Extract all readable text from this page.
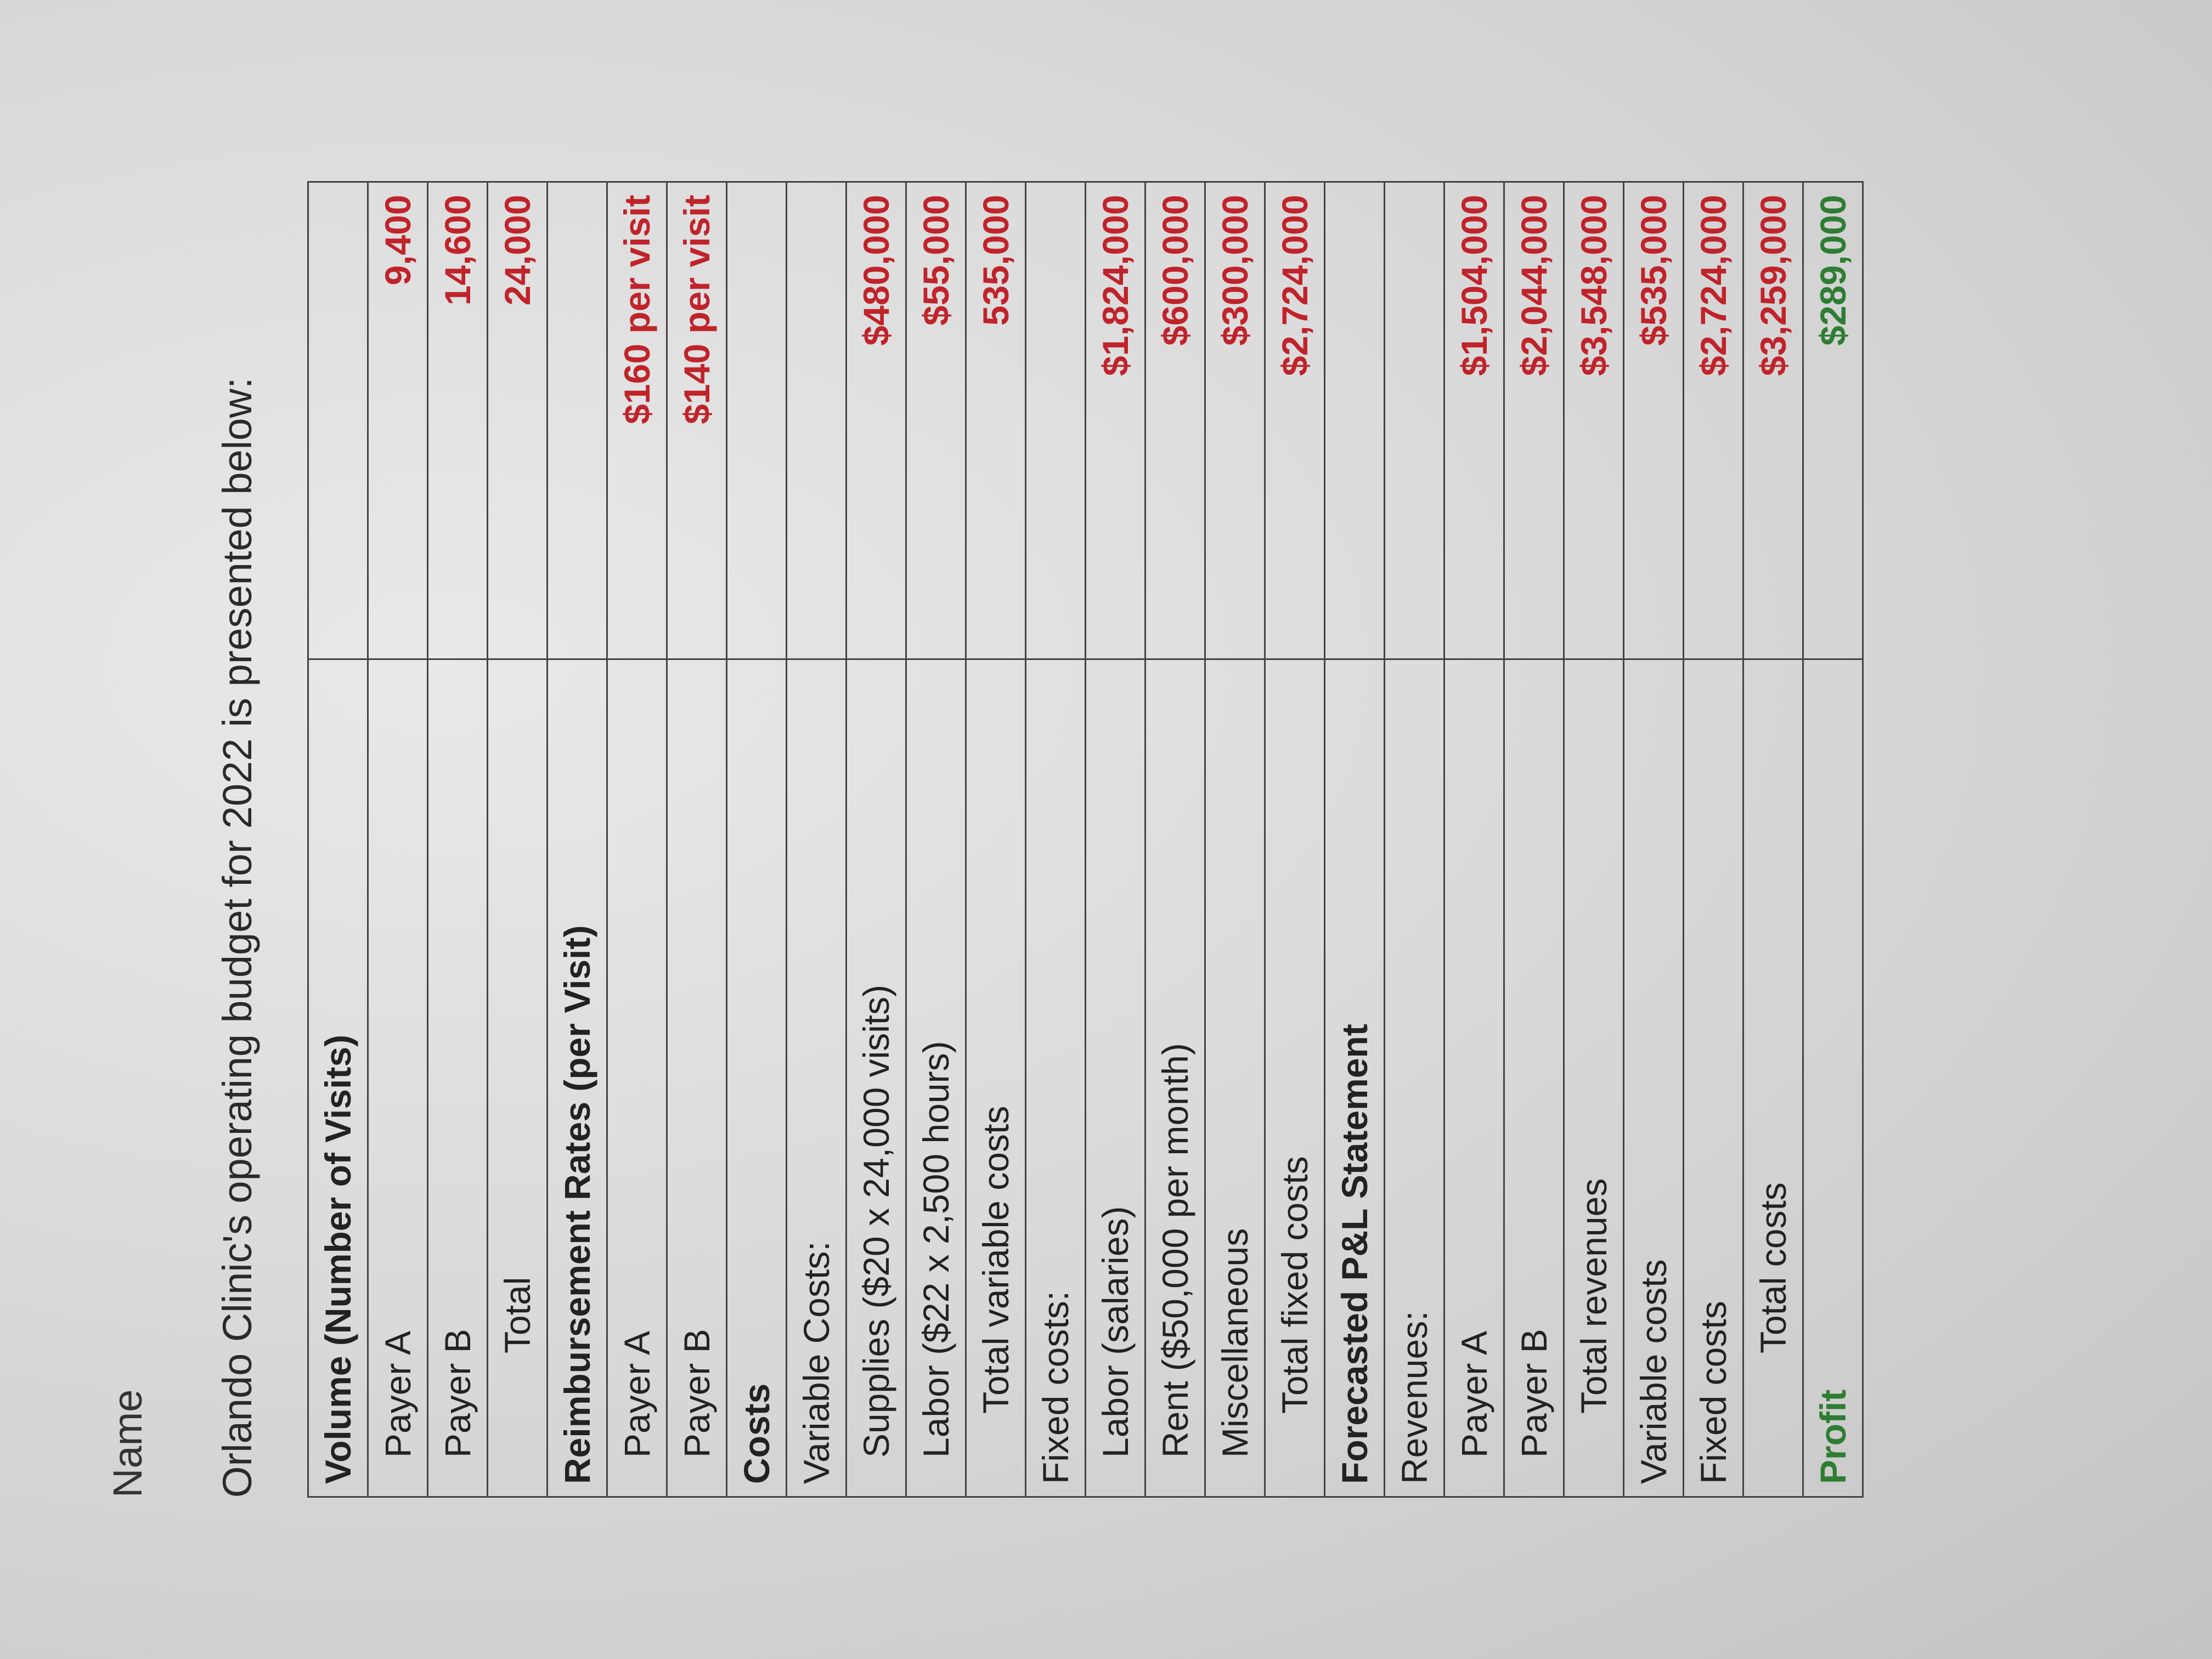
Name Orlando Clinic's operating budget for 2022 is presented below: Volume (Number of Visits)	
Payer A	9,400
Payer B	14,600
Total	24,000
Reimbursement Rates (per Visit)	
Payer A	$160 per visit
Payer B	$140 per visit
Costs	
Variable Costs:	
Supplies ($20 x 24,000 visits)	$480,000
Labor ($22 x 2,500 hours)	$55,000
Total variable costs	535,000
Fixed costs:	
Labor (salaries)	$1,824,000
Rent ($50,000 per month)	$600,000
Miscellaneous	$300,000
Total fixed costs	$2,724,000
Forecasted P&L Statement	
Revenues:	
Payer A	$1,504,000
Payer B	$2,044,000
Total revenues	$3,548,000
Variable costs	$535,000
Fixed costs	$2,724,000
Total costs	$3,259,000
Profit	$289,000
